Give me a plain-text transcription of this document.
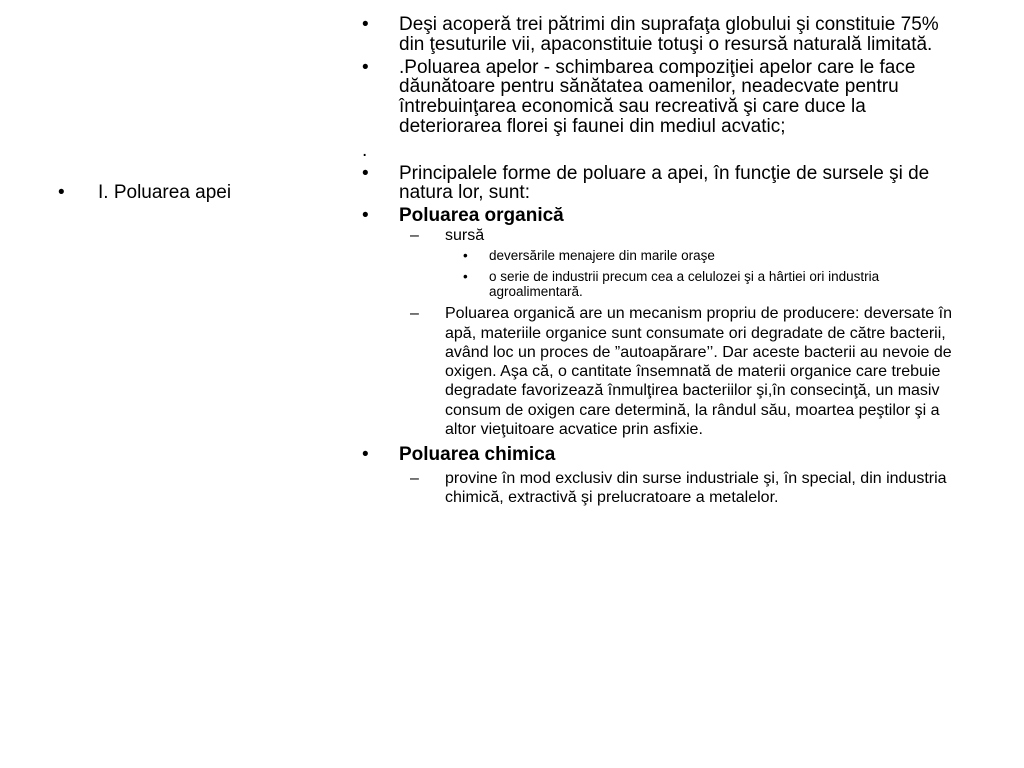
• I. Poluarea apei

•	Deşi acoperă trei pătrimi din suprafaţa globului şi constituie 75% din ţesuturile vii, apaconstituie totuşi o resursă naturală limitată.

•	.Poluarea apelor - schimbarea compoziţiei apelor care le face dăunătoare pentru sănătatea oamenilor, neadecvate pentru întrebuinţarea economică sau recreativă şi care duce la deteriorarea florei şi faunei din mediul acvatic;

.

•	Principalele forme de poluare a apei, în funcţie de sursele şi de natura lor, sunt:

•	Poluarea organică

– sursă

• deversările menajere din marile oraşe

• o serie de industrii precum cea a celulozei şi a hârtiei ori industria agroalimentară.

– Poluarea organică are un mecanism propriu de producere: deversate în apă, materiile organice sunt consumate ori degradate de către bacterii, având loc un proces de ”autoapărare’’. Dar aceste bacterii au nevoie de oxigen. Aşa că, o cantitate însemnată de materii organice care trebuie degradate favorizează înmulţirea bacteriilor şi,în consecinţă, un masiv consum de oxigen care determină, la rândul său, moartea peştilor şi a altor vieţuitoare acvatice prin asfixie.

•	Poluarea chimica

– provine în mod exclusiv din surse industriale şi, în special, din industria chimică, extractivă şi prelucratoare a metalelor.
